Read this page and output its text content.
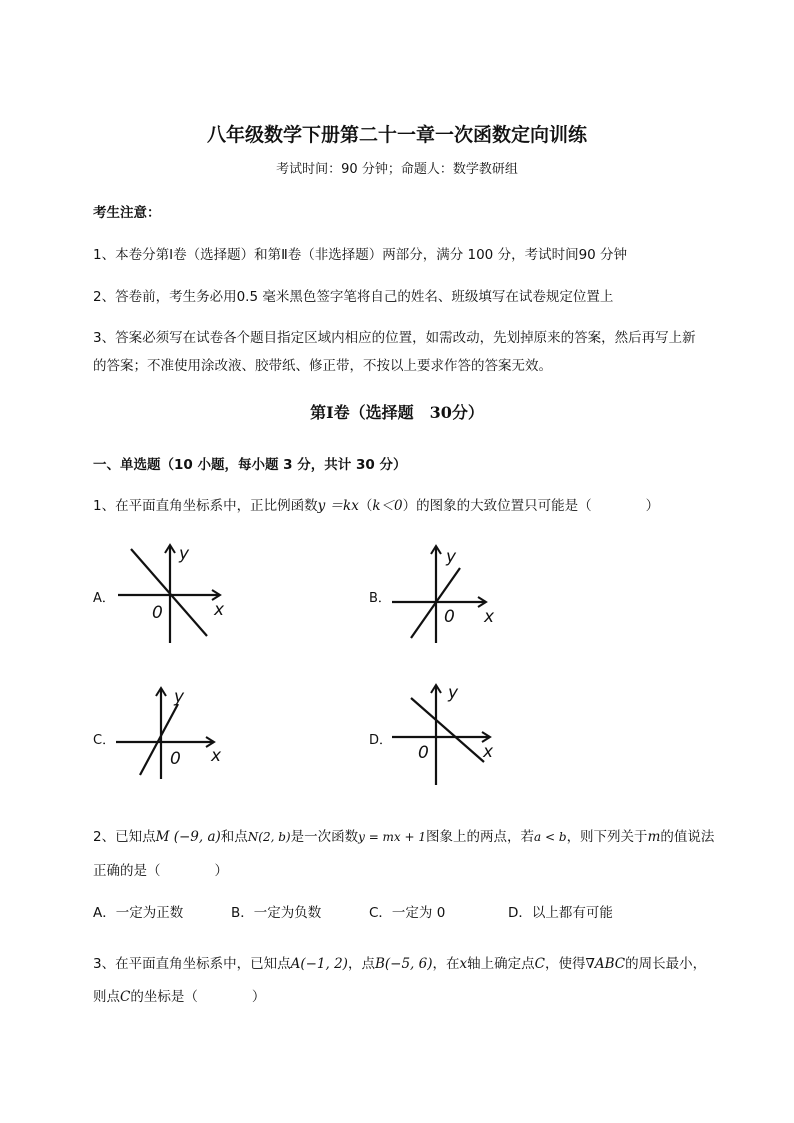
八年级数学下册第二十一章一次函数定向训练
考试时间：90 分钟；命题人：数学教研组
考生注意：
1、本卷分第Ⅰ卷（选择题）和第Ⅱ卷（非选择题）两部分，满分 100 分，考试时间90 分钟
2、答卷前，考生务必用0.5 毫米黑色签字笔将自己的姓名、班级填写在试卷规定位置上
3、答案必须写在试卷各个题目指定区域内相应的位置，如需改动，先划掉原来的答案，然后再写上新
的答案；不准使用涂改液、胶带纸、修正带，不按以上要求作答的答案无效。
第Ⅰ卷（选择题　30分）
一、单选题（10 小题，每小题 3 分，共计 30 分）
1、在平面直角坐标系中，正比例函数y ＝kx（k＜0）的图象的大致位置只可能是（　　　　）
A．	B．
C．	D．
y
x
0
y
x
0
y
x
0
y
x
0
2、已知点M (−9, a)和点N(2, b)是一次函数y = mx + 1图象上的两点，若a < b，则下列关于m的值说法
正确的是（　　　　）
A．一定为正数	B．一定为负数	C．一定为 0	D．以上都有可能
3、在平面直角坐标系中，已知点A(−1, 2)，点B(−5, 6)，在x轴上确定点C，使得∇ABC的周长最小，
则点C的坐标是（　　　　）
